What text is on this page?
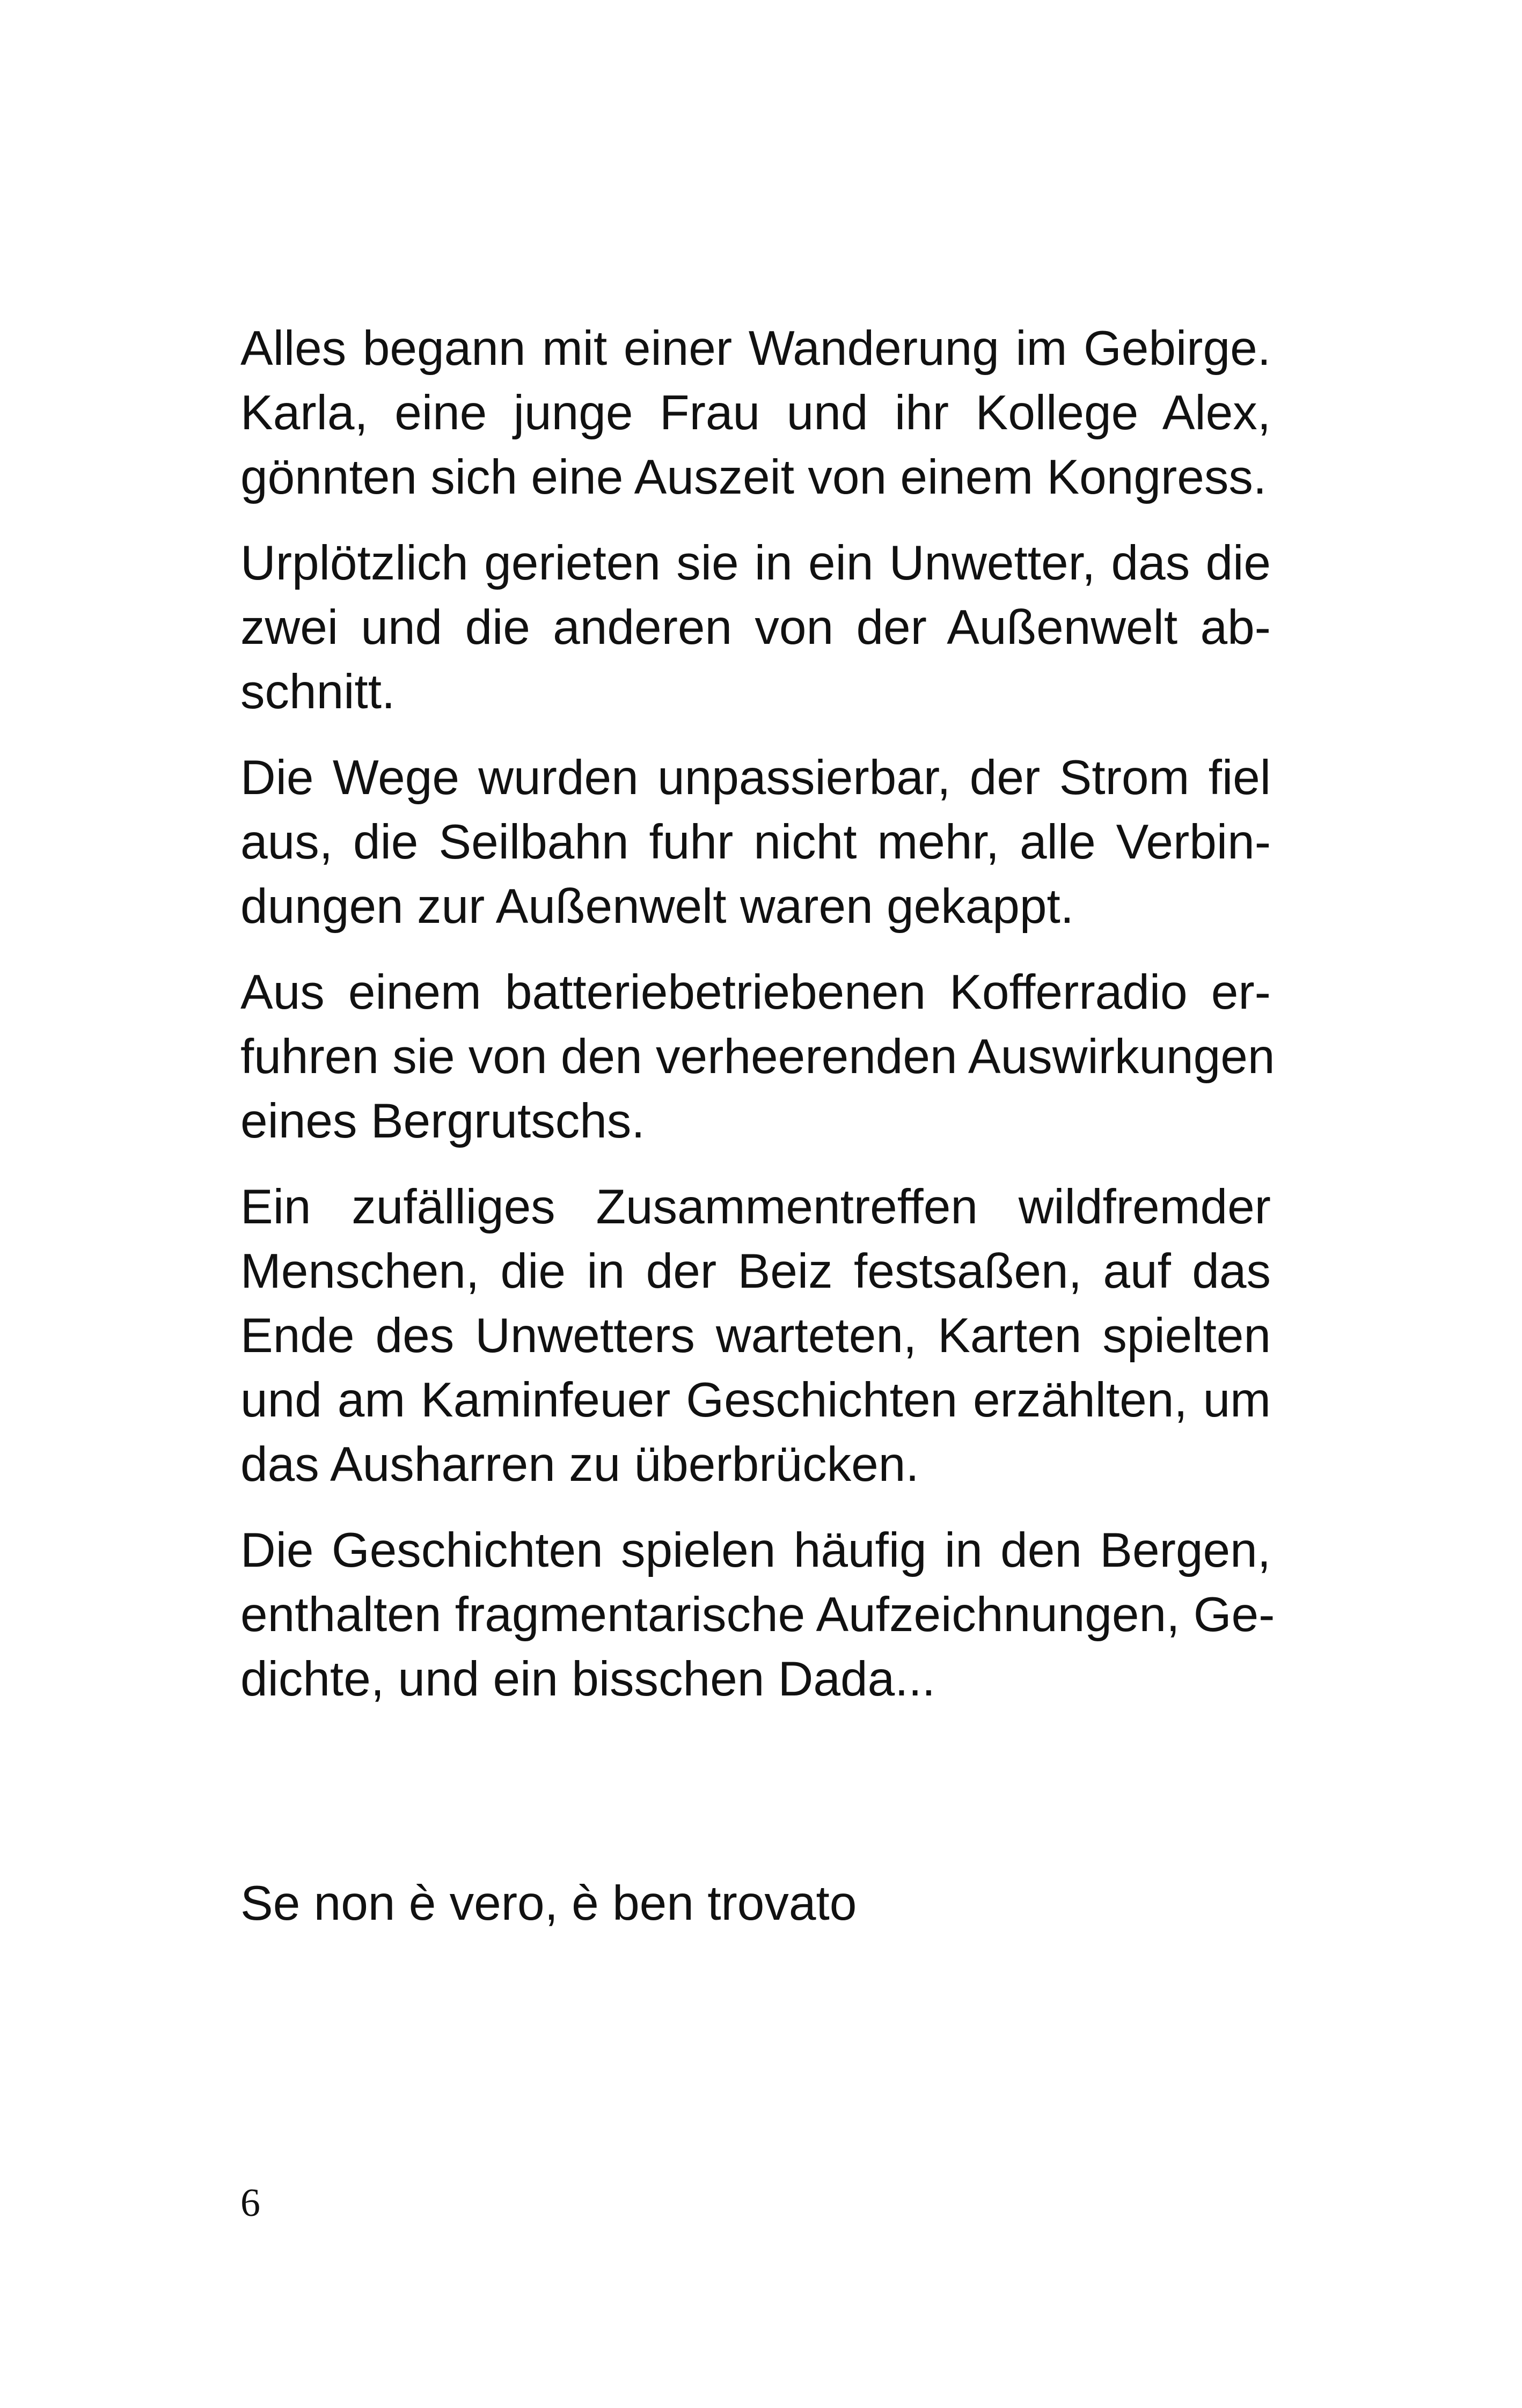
Alles begann mit einer Wanderung im Gebirge.
Karla, eine junge Frau und ihr Kollege Alex,
gönnten sich eine Auszeit von einem Kongress.

Urplötzlich gerieten sie in ein Unwetter, das die
zwei und die anderen von der Außenwelt ab-
schnitt.

Die Wege wurden unpassierbar, der Strom fiel
aus, die Seilbahn fuhr nicht mehr, alle Verbin-
dungen zur Außenwelt waren gekappt.

Aus einem batteriebetriebenen Kofferradio er-
fuhren sie von den verheerenden Auswirkungen
eines Bergrutschs.

Ein zufälliges Zusammentreffen wildfremder
Menschen, die in der Beiz festsaßen, auf das
Ende des Unwetters warteten, Karten spielten
und am Kaminfeuer Geschichten erzählten, um
das Ausharren zu überbrücken.

Die Geschichten spielen häufig in den Bergen,
enthalten fragmentarische Aufzeichnungen, Ge-
dichte, und ein bisschen Dada...

Se non è vero, è ben trovato

6
